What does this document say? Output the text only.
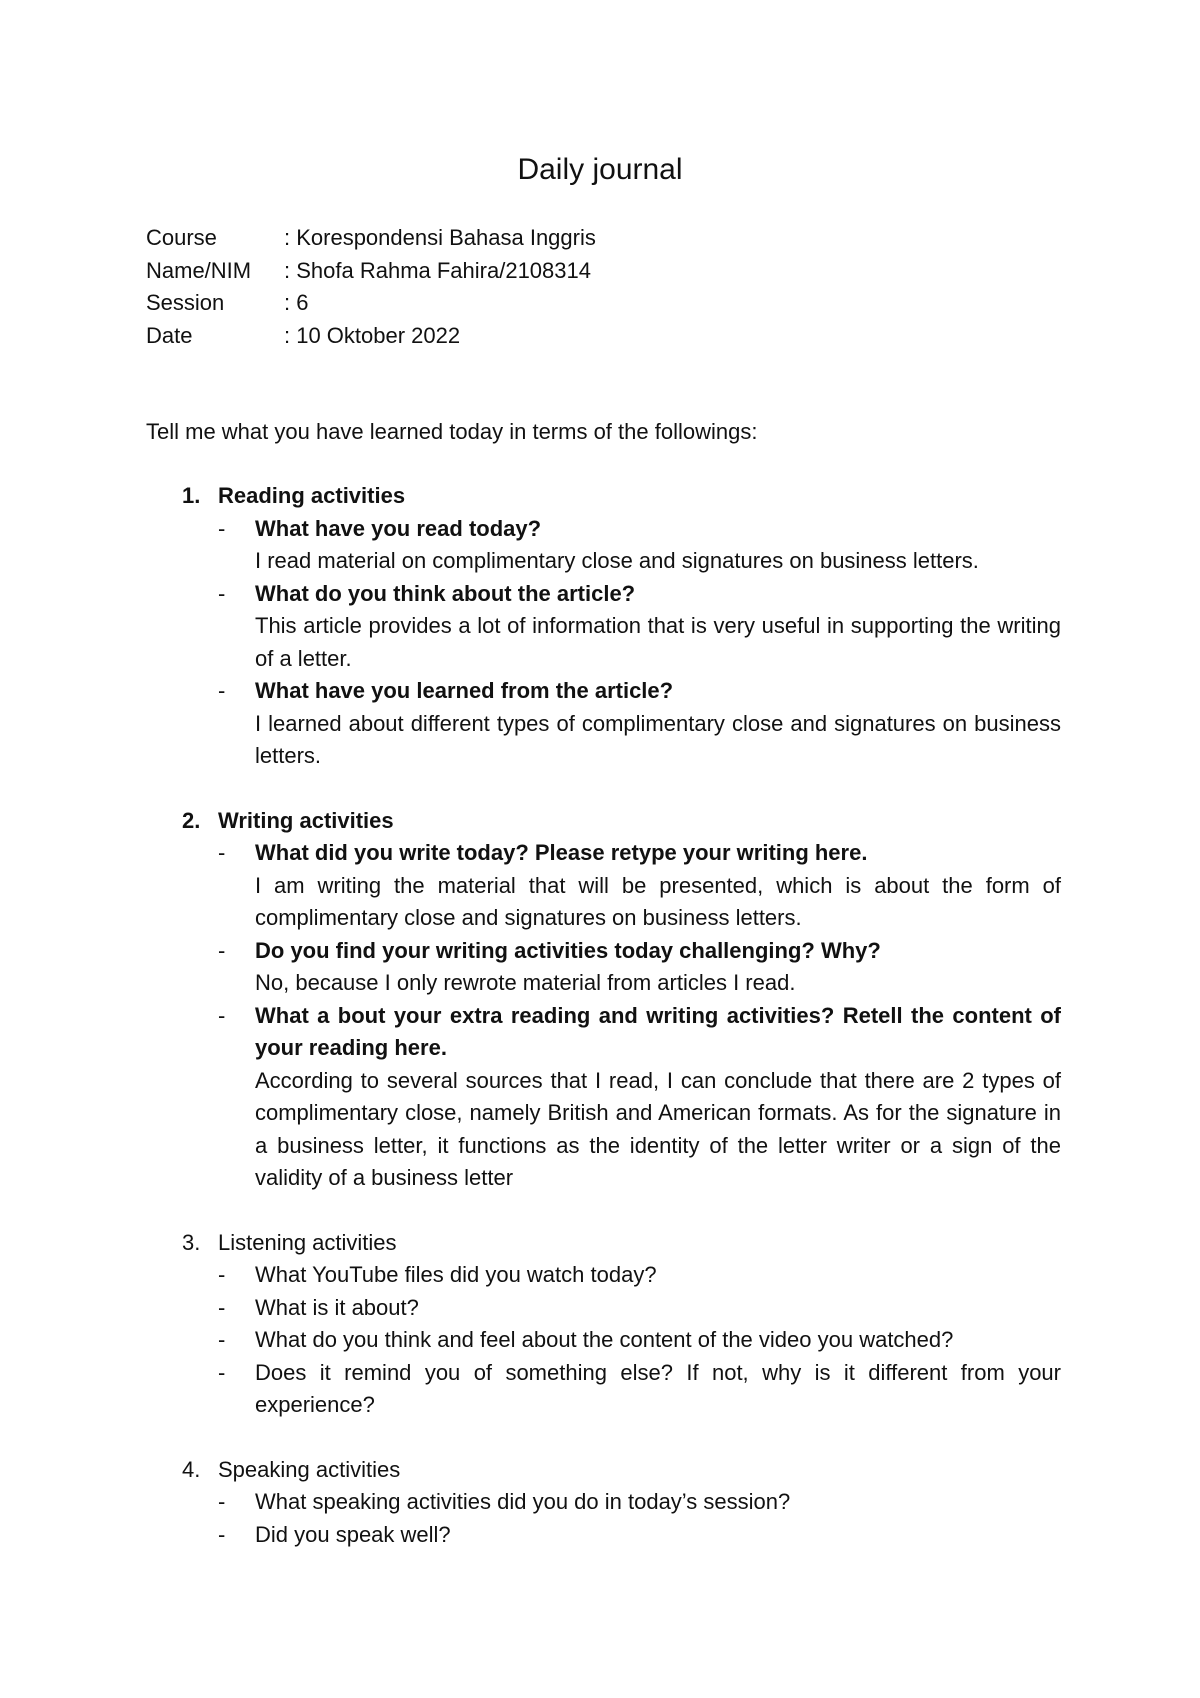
Daily journal
Course	: Korespondensi Bahasa Inggris
Name/NIM	: Shofa Rahma Fahira/2108314
Session	: 6
Date	: 10 Oktober 2022
Tell me what you have learned today in terms of the followings:
1. Reading activities
- What have you read today?
I read material on complimentary close and signatures on business letters.
- What do you think about the article?
This article provides a lot of information that is very useful in supporting the writing of a letter.
- What have you learned from the article?
I learned about different types of complimentary close and signatures on business letters.
2. Writing activities
- What did you write today? Please retype your writing here.
I am writing the material that will be presented, which is about the form of complimentary close and signatures on business letters.
- Do you find your writing activities today challenging? Why?
No, because I only rewrote material from articles I read.
- What a bout your extra reading and writing activities? Retell the content of your reading here.
According to several sources that I read, I can conclude that there are 2 types of complimentary close, namely British and American formats. As for the signature in a business letter, it functions as the identity of the letter writer or a sign of the validity of a business letter
3. Listening activities
- What YouTube files did you watch today?
- What is it about?
- What do you think and feel about the content of the video you watched?
- Does it remind you of something else? If not, why is it different from your experience?
4. Speaking activities
- What speaking activities did you do in today’s session?
- Did you speak well?
